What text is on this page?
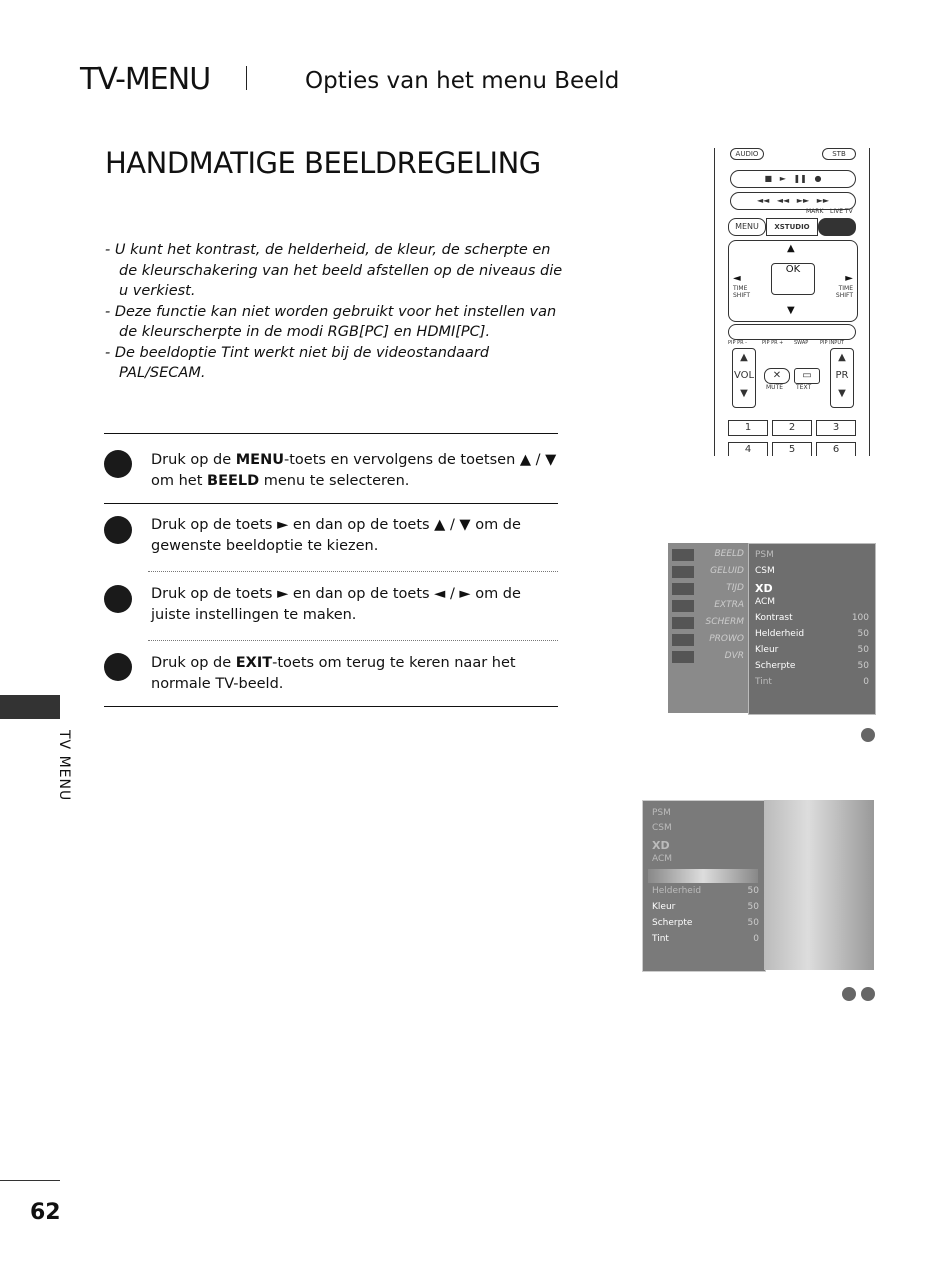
TV-MENU	Opties van het menu Beeld
HANDMATIGE BEELDREGELING
- U kunt het kontrast, de helderheid, de kleur, de scherpte en de kleurschakering van het beeld afstellen op de niveaus die u verkiest.
- Deze functie kan niet worden gebruikt voor het instellen van de kleurscherpte in de modi RGB[PC] en HDMI[PC].
- De beeldoptie Tint werkt niet bij de videostandaard PAL/SECAM.
Druk op de MENU-toets en vervolgens de toetsen ▲ / ▼ om het BEELD menu te selecteren.
Druk op de toets ► en dan op de toets ▲ / ▼ om de gewenste beeldoptie te kiezen.
Druk op de toets ► en dan op de toets ◄ / ► om de juiste instellingen te maken.
Druk op de EXIT-toets om terug te keren naar het normale TV-beeld.
TV MENU
62
AUDIO	STB
■   ►   ❚❚   ●
◄◄   ◄◄   ►►   ►►
MARK LIVE TV
MENU	XSTUDIO
▲
▼
◄	►
OK
TIME SHIFT
TIME SHIFT
PIP PR -	PIP PR + SWAP PIP INPUT
▲
VOL
▼
▲
PR
▼
✕	▭
MUTE TEXT
1	2	3
4	5	6
BEELD
GELUID
TIJD
EXTRA
SCHERM
PROWO
DVR
PSM
CSM
XD
ACM
Kontrast	100
Helderheid	50
Kleur	50
Scherpte	50
Tint	0
PSM
CSM
XD
ACM
Helderheid	50
Kleur	50
Scherpte	50
Tint	0
